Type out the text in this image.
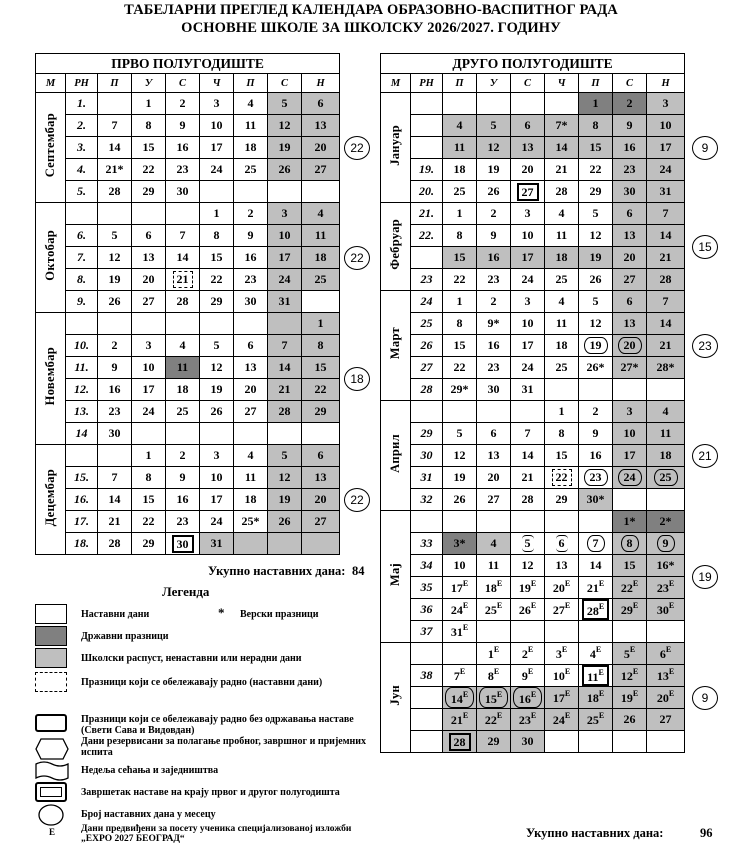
ТАБЕЛАРНИ ПРЕГЛЕД КАЛЕНДАРА ОБРАЗОВНО-ВАСПИТНОГ РАДА
ОСНОВНЕ ШКОЛЕ ЗА ШКОЛСКУ 2026/2027. ГОДИНУ
ПРВО ПОЛУГОДИШТЕ								
М	РН	П	У	С	Ч	П	С	Н
Септембар	1.		1	2	3	4	5	6
	2.	7	8	9	10	11	12	13
	3.	14	15	16	17	18	19	20
	4.	21*	22	23	24	25	26	27
	5.	28	29	30				
Октобар					1	2	3	4
	6.	5	6	7	8	9	10	11
	7.	12	13	14	15	16	17	18
	8.	19	20	21	22	23	24	25
	9.	26	27	28	29	30	31	
Новембар								1
	10.	2	3	4	5	6	7	8
	11.	9	10	11	12	13	14	15
	12.	16	17	18	19	20	21	22
	13.	23	24	25	26	27	28	29
	14	30						
Децембар			1	2	3	4	5	6
	15.	7	8	9	10	11	12	13
	16.	14	15	16	17	18	19	20
	17.	21	22	23	24	25*	26	27
	18.	28	29	30	31			
ДРУГО ПОЛУГОДИШТЕ								
М	РН	П	У	С	Ч	П	С	Н
Јануар						1	2	3
		4	5	6	7*	8	9	10
		11	12	13	14	15	16	17
	19.	18	19	20	21	22	23	24
	20.	25	26	27	28	29	30	31
Фебруар	21.	1	2	3	4	5	6	7
	22.	8	9	10	11	12	13	14
		15	16	17	18	19	20	21
	23	22	23	24	25	26	27	28
Март	24	1	2	3	4	5	6	7
	25	8	9*	10	11	12	13	14
	26	15	16	17	18	19	20	21
	27	22	23	24	25	26*	27*	28*
	28	29*	30	31				
Април					1	2	3	4
	29	5	6	7	8	9	10	11
	30	12	13	14	15	16	17	18
	31	19	20	21	22	23	24	25
	32	26	27	28	29	30*		
Мај							1*	2*
	33	3*	4	5	6	7	8	9
	34	10	11	12	13	14	15	16*
	35	$17^E$	$18^E$	$19^E$	$20^E$	$21^E$	$22^E$	$23^E$
	36	$24^E$	$25^E$	$26^E$	$27^E$	$28^E$	$29^E$	$30^E$
	37	$31^E$						
Јун			$1^E$	$2^E$	$3^E$	$4^E$	$5^E$	$6^E$
	38	$7^E$	$8^E$	$9^E$	$10^E$	$11^E$	$12^E$	$13^E$
		$14^E$	$15^E$	$16^E$	$17^E$	$18^E$	$19^E$	$20^E$
		$21^E$	$22^E$	$23^E$	$24^E$	$25^E$	26	27
		28	29	30				
Укупно наставних дана: 84
Укупно наставних дана:	96
Легенда
Наставни дани	* Верски празници
Државни празници
Школски распуст, ненаставни или нерадни дани
Празници који се обележавају радно (наставни дани)
Празници који се обележавају радно без одржавања наставе (Свети Сава и Видовдан)
Дани резервисани за полагање пробног, завршног и пријемних испита
Недеља сећања и заједништва
Завршетак наставе на крају првог и другог полугодишта
Број наставних дана у месецу
Е	Дани предвиђени за посету ученика специјализованој изложби „EXPO 2027 БЕОГРАД“
22
22
18
22
9
15
23
21
19
9
